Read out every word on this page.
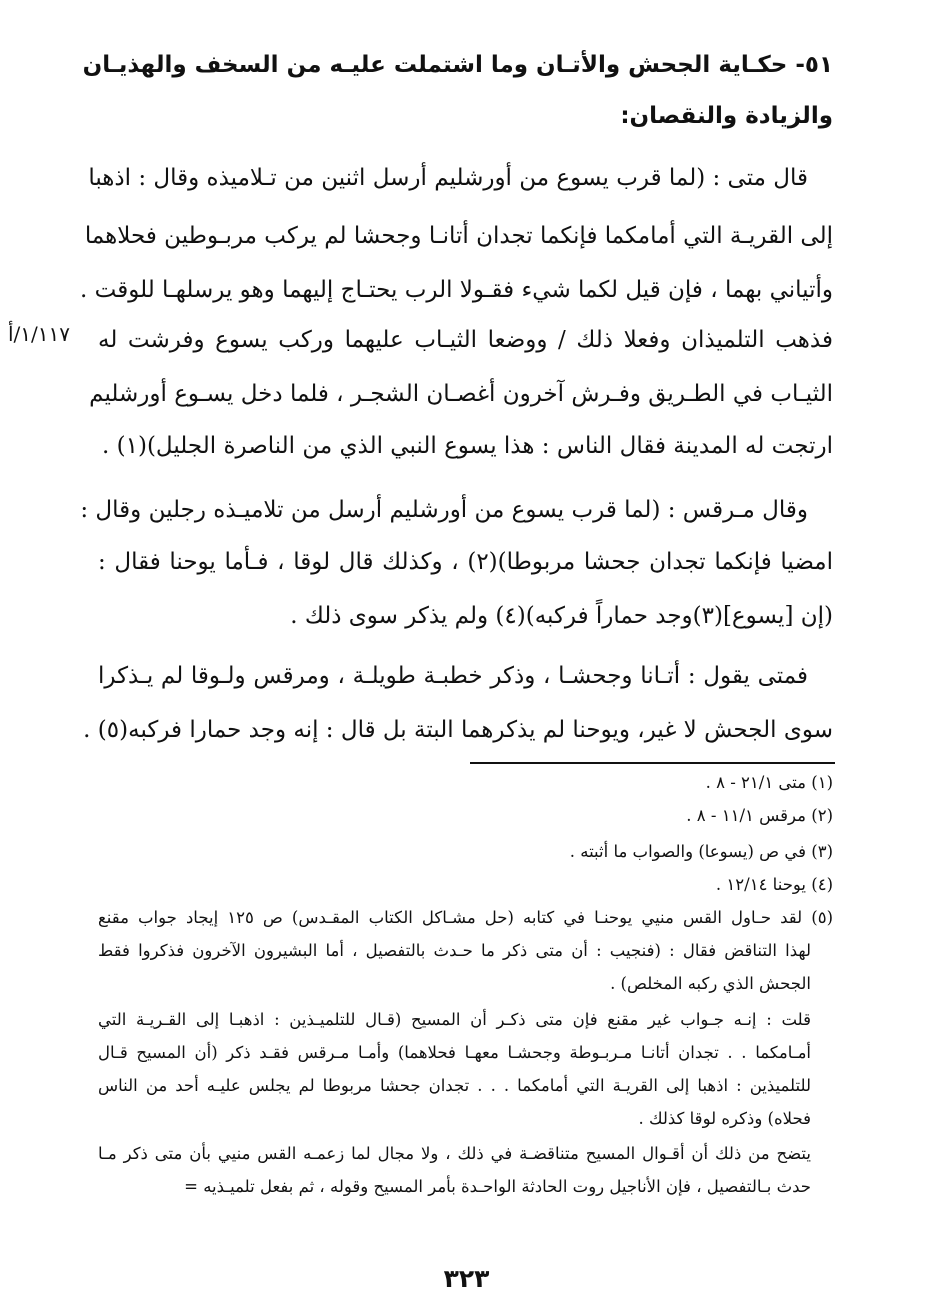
٥١- حكـاية الجحش والأتـان وما اشتملت عليـه من السخف والهذيـان
والزيادة والنقصان:
قال متى : (لما قرب يسوع من أورشليم أرسل اثنين من تـلاميذه وقال : اذهبا
إلى القريـة التي أمامكما فإنكما تجدان أتانـا وجحشا لم يركب مربـوطين فحلاهما
وأتياني بهما ، فإن قيل لكما شيء فقـولا الرب يحتـاج إليهما وهو يرسلهـا للوقت .
فذهب التلميذان وفعلا ذلك / ووضعا الثيـاب عليهما وركب يسوع وفرشت له
الثيـاب في الطـريق وفـرش آخرون أغصـان الشجـر ، فلما دخل يسـوع أورشليم
ارتجت له المدينة فقال الناس : هذا يسوع النبي الذي من الناصرة الجليل)(١) .
١/١١٧/أ
وقال مـرقس : (لما قرب يسوع من أورشليم أرسل من تلاميـذه رجلين وقال :
امضيا فإنكما تجدان جحشا مربوطا)(٢) ، وكذلك قال لوقا ، فـأما يوحنا فقال :
(إن [يسوع](٣)وجد حماراً فركبه)(٤) ولم يذكر سوى ذلك .
فمتى يقول : أتـانا وجحشـا ، وذكر خطبـة طويلـة ، ومرقس ولـوقا لم يـذكرا
سوى الجحش لا غير، ويوحنا لم يذكرهما البتة بل قال : إنه وجد حمارا فركبه(٥) .
(١) متى ٢١/١ - ٨ .
(٢) مرقس ١١/١ - ٨ .
(٣) في ص (يسوعا) والصواب ما أثبته .
(٤) يوحنا ١٢/١٤ .
(٥) لقد حـاول القس منيي يوحنـا في كتابه (حل مشـاكل الكتاب المقـدس) ص ١٢٥ إيجاد جواب مقنع
لهذا التناقض فقال : (فنجيب : أن متى ذكر ما حـدث بالتفصيل ، أما البشيرون الآخرون فذكروا فقط
الجحش الذي ركبه المخلص) .
قلت : إنـه جـواب غير مقنع فإن متى ذكـر أن المسيح (قـال للتلميـذين : اذهبـا إلى القـريـة التي
أمـامكما . . تجدان أتانـا مـربـوطة وجحشـا معهـا فحلاهما) وأمـا مـرقس فقـد ذكر (أن المسيح قـال
للتلميذين : اذهبا إلى القريـة التي أمامكما . . . تجدان جحشا مربوطا لم يجلس عليـه أحد من الناس
فحلاه) وذكره لوقا كذلك .
يتضح من ذلك أن أقـوال المسيح متناقضـة في ذلك ، ولا مجال لما زعمـه القس منيي بأن متى ذكر مـا
حدث بـالتفصيل ، فإن الأناجيل روت الحادثة الواحـدة بأمر المسيح وقوله ، ثم بفعل تلميـذيه =
٣٢٣
